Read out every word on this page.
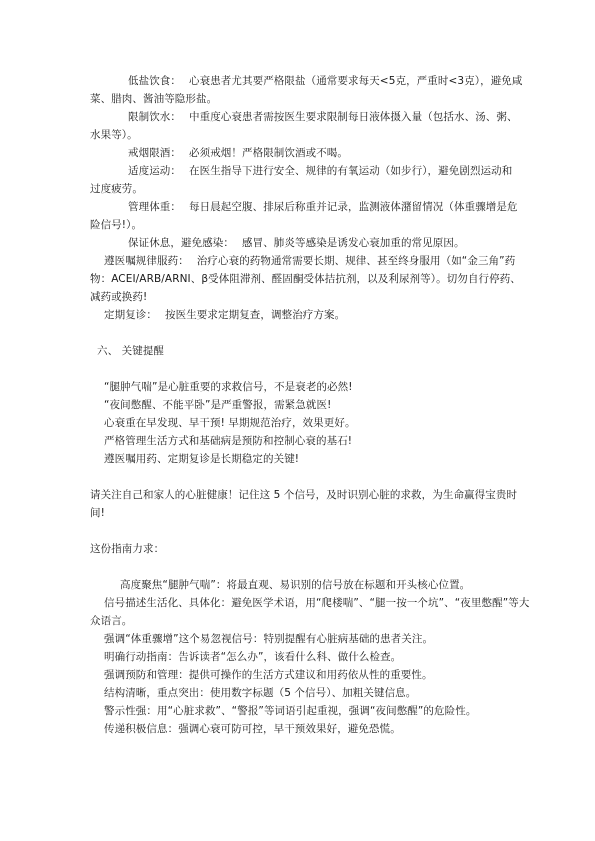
低盐饮食： 心衰患者尤其要严格限盐（通常要求每天<5克，严重时<3克），避免咸
菜、腊肉、酱油等隐形盐。
限制饮水： 中重度心衰患者需按医生要求限制每日液体摄入量（包括水、汤、粥、
水果等）。
戒烟限酒： 必须戒烟！严格限制饮酒或不喝。
适度运动： 在医生指导下进行安全、规律的有氧运动（如步行），避免剧烈运动和
过度疲劳。
管理体重： 每日晨起空腹、排尿后称重并记录，监测液体潴留情况（体重骤增是危
险信号!）。
保证休息，避免感染： 感冒、肺炎等感染是诱发心衰加重的常见原因。
遵医嘱规律服药： 治疗心衰的药物通常需要长期、规律、甚至终身服用（如“金三角”药
物：ACEI/ARB/ARNI、β受体阻滞剂、醛固酮受体拮抗剂，以及利尿剂等）。切勿自行停药、
减药或换药!
定期复诊： 按医生要求定期复查，调整治疗方案。
六、 关键提醒
“腿肿气喘”是心脏重要的求救信号，不是衰老的必然!
“夜间憋醒、不能平卧”是严重警报，需紧急就医!
心衰重在早发现、早干预! 早期规范治疗，效果更好。
严格管理生活方式和基础病是预防和控制心衰的基石!
遵医嘱用药、定期复诊是长期稳定的关键!
请关注自己和家人的心脏健康！记住这 5 个信号，及时识别心脏的求救，为生命赢得宝贵时
间!
这份指南力求：
高度聚焦“腿肿气喘”：将最直观、易识别的信号放在标题和开头核心位置。
信号描述生活化、具体化：避免医学术语，用“爬楼喘”、“腿一按一个坑”、“夜里憋醒”等大
众语言。
强调“体重骤增”这个易忽视信号：特别提醒有心脏病基础的患者关注。
明确行动指南：告诉读者“怎么办”，该看什么科、做什么检查。
强调预防和管理：提供可操作的生活方式建议和用药依从性的重要性。
结构清晰，重点突出：使用数字标题（5 个信号）、加粗关键信息。
警示性强：用“心脏求救”、“警报”等词语引起重视，强调“夜间憋醒”的危险性。
传递积极信息：强调心衰可防可控，早干预效果好，避免恐慌。
